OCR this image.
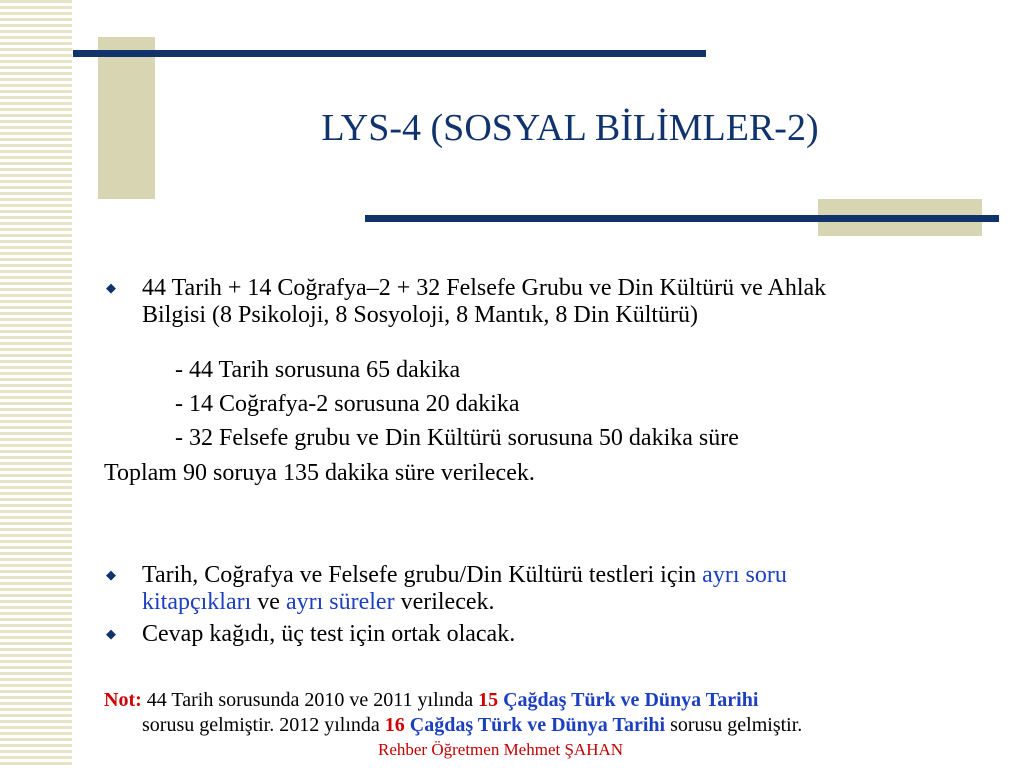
LYS-4 (SOSYAL BİLİMLER-2)
◆ 44 Tarih + 14 Coğrafya–2 + 32 Felsefe Grubu ve Din Kültürü ve Ahlak
Bilgisi (8 Psikoloji, 8 Sosyoloji, 8 Mantık, 8 Din Kültürü)
- 44 Tarih sorusuna 65 dakika
- 14 Coğrafya-2 sorusuna 20 dakika
- 32 Felsefe grubu ve Din Kültürü sorusuna 50 dakika süre
Toplam 90 soruya 135 dakika süre verilecek.
◆ Tarih, Coğrafya ve Felsefe grubu/Din Kültürü testleri için ayrı soru
kitapçıkları ve ayrı süreler verilecek.
◆ Cevap kağıdı, üç test için ortak olacak.
Not: 44 Tarih sorusunda 2010 ve 2011 yılında 15 Çağdaş Türk ve Dünya Tarihi
sorusu gelmiştir. 2012 yılında 16 Çağdaş Türk ve Dünya Tarihi sorusu gelmiştir.
Rehber Öğretmen Mehmet ŞAHAN
